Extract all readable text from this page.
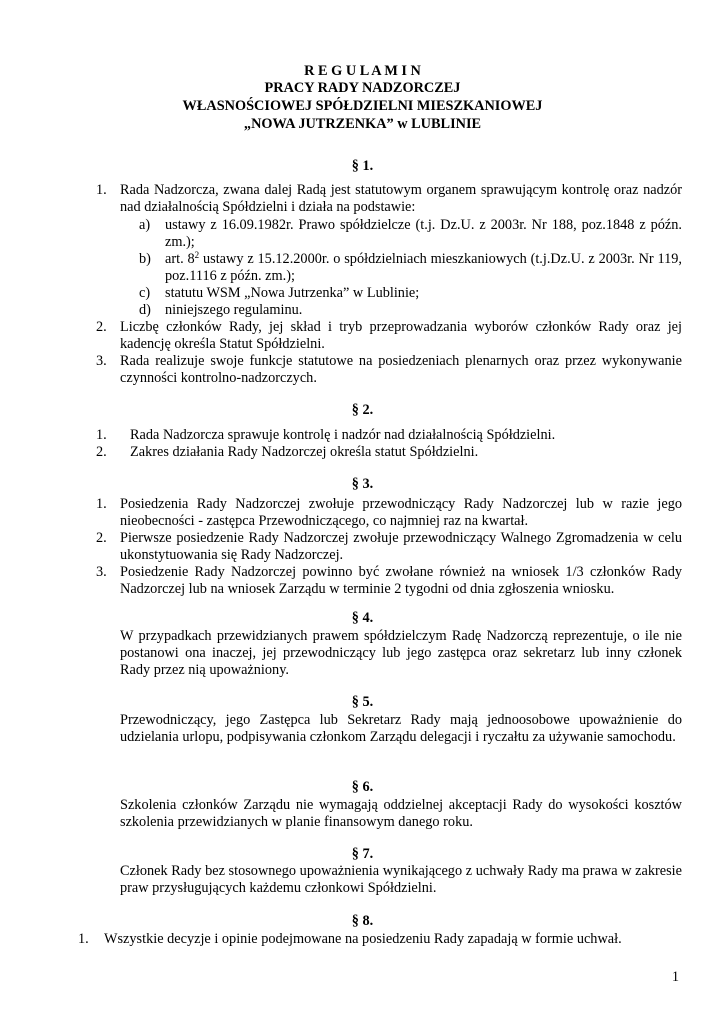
R E G U L A M I N
PRACY RADY NADZORCZEJ
WŁASNOŚCIOWEJ SPÓŁDZIELNI MIESZKANIOWEJ
„NOWA JUTRZENKA” w LUBLINIE
§ 1.
1. Rada Nadzorcza, zwana dalej Radą jest statutowym organem sprawującym kontrolę oraz nadzór nad działalnością Spółdzielni i działa na podstawie:
a) ustawy z 16.09.1982r. Prawo spółdzielcze (t.j. Dz.U. z 2003r. Nr 188, poz.1848 z późn. zm.);
b) art. $8^2$ ustawy z 15.12.2000r. o spółdzielniach mieszkaniowych (t.j.Dz.U. z 2003r. Nr 119, poz.1116 z późn. zm.);
c) statutu WSM „Nowa Jutrzenka” w Lublinie;
d) niniejszego regulaminu.
2. Liczbę członków Rady, jej skład i tryb przeprowadzania wyborów członków Rady oraz jej kadencję określa Statut Spółdzielni.
3. Rada realizuje swoje funkcje statutowe na posiedzeniach plenarnych oraz przez wykonywanie czynności kontrolno-nadzorczych.
§ 2.
1. Rada Nadzorcza sprawuje kontrolę i nadzór nad działalnością Spółdzielni.
2. Zakres działania Rady Nadzorczej określa statut Spółdzielni.
§ 3.
1. Posiedzenia Rady Nadzorczej zwołuje przewodniczący Rady Nadzorczej lub w razie jego nieobecności - zastępca Przewodniczącego, co najmniej raz na kwartał.
2. Pierwsze posiedzenie Rady Nadzorczej zwołuje przewodniczący Walnego Zgromadzenia w celu ukonstytuowania się Rady Nadzorczej.
3. Posiedzenie Rady Nadzorczej powinno być zwołane również na wniosek 1/3 członków Rady Nadzorczej lub na wniosek Zarządu w terminie 2 tygodni od dnia zgłoszenia wniosku.
§ 4.
W przypadkach przewidzianych prawem spółdzielczym Radę Nadzorczą reprezentuje, o ile nie postanowi ona inaczej, jej przewodniczący lub jego zastępca oraz sekretarz lub inny członek Rady przez nią upoważniony.
§ 5.
Przewodniczący, jego Zastępca lub Sekretarz Rady mają jednoosobowe upoważnienie do udzielania urlopu, podpisywania członkom Zarządu delegacji i ryczałtu za używanie samochodu.
§ 6.
Szkolenia członków Zarządu nie wymagają oddzielnej akceptacji Rady do wysokości kosztów szkolenia przewidzianych w planie finansowym danego roku.
§ 7.
Członek Rady bez stosownego upoważnienia wynikającego z uchwały Rady ma prawa w zakresie praw przysługujących każdemu członkowi Spółdzielni.
§ 8.
1. Wszystkie decyzje i opinie podejmowane na posiedzeniu Rady zapadają w formie uchwał.
1
